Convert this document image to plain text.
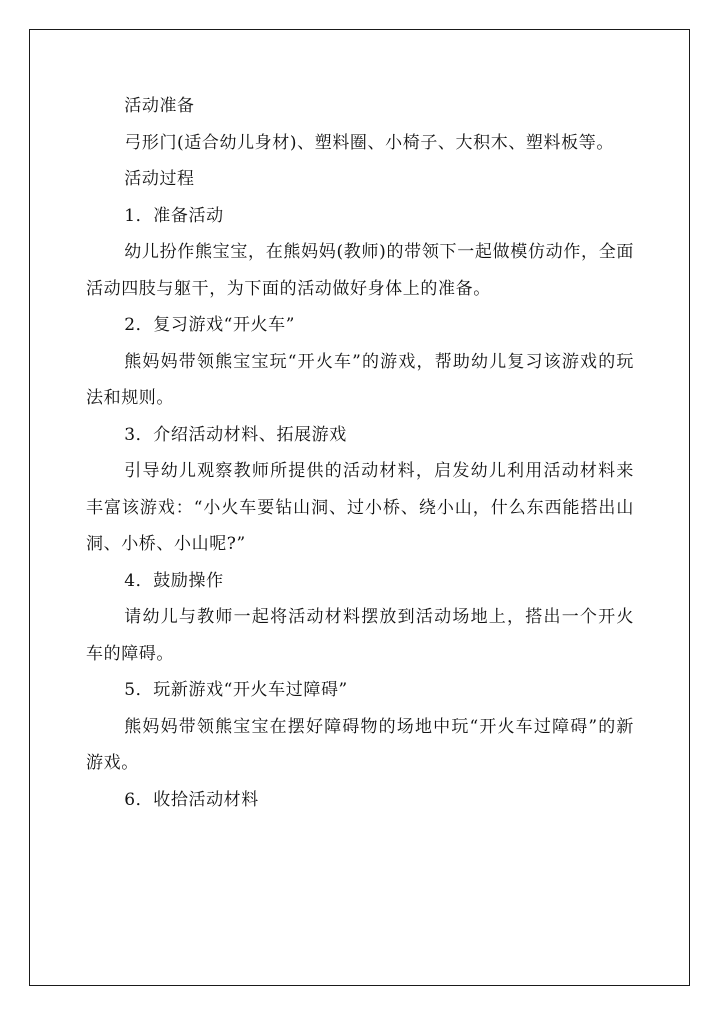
活动准备

弓形门(适合幼儿身材)、塑料圈、小椅子、大积木、塑料板等。

活动过程

1．准备活动

幼儿扮作熊宝宝，在熊妈妈(教师)的带领下一起做模仿动作，全面活动四肢与躯干，为下面的活动做好身体上的准备。

2．复习游戏“开火车”

熊妈妈带领熊宝宝玩“开火车”的游戏，帮助幼儿复习该游戏的玩法和规则。

3．介绍活动材料、拓展游戏

引导幼儿观察教师所提供的活动材料，启发幼儿利用活动材料来丰富该游戏：“小火车要钻山洞、过小桥、绕小山，什么东西能搭出山洞、小桥、小山呢?”

4．鼓励操作

请幼儿与教师一起将活动材料摆放到活动场地上，搭出一个开火车的障碍。

5．玩新游戏“开火车过障碍”

熊妈妈带领熊宝宝在摆好障碍物的场地中玩“开火车过障碍”的新游戏。

6．收拾活动材料
